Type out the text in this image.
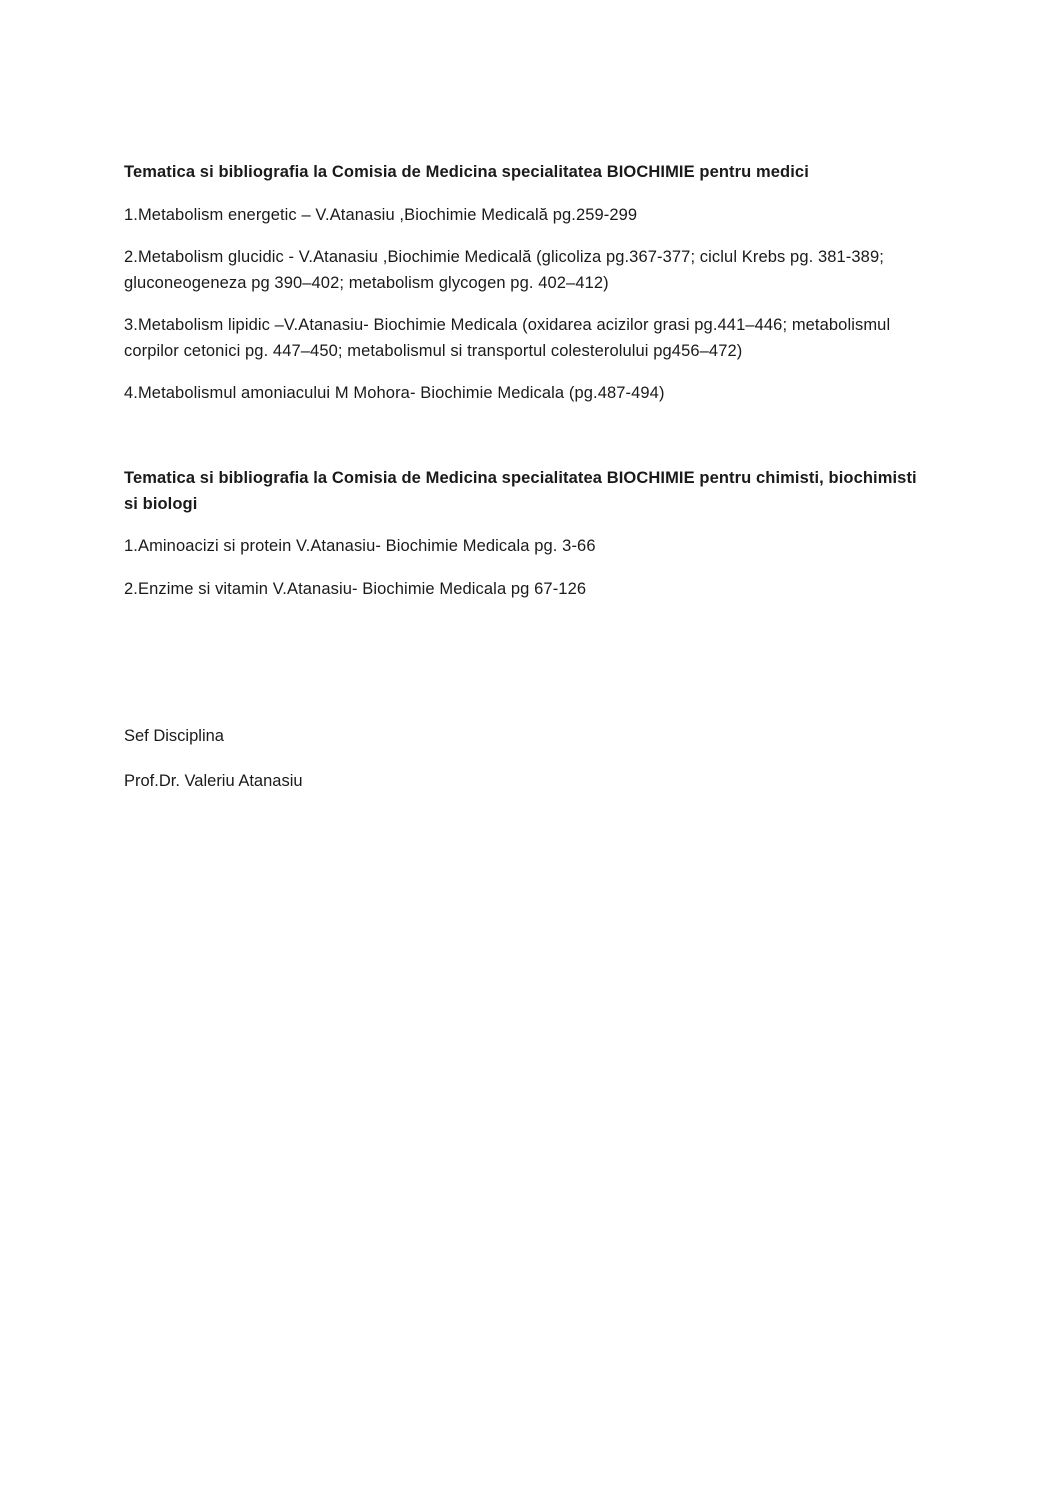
Tematica si bibliografia la Comisia de Medicina specialitatea BIOCHIMIE pentru medici

1.Metabolism energetic – V.Atanasiu ,Biochimie Medicală pg.259-299

2.Metabolism glucidic - V.Atanasiu ,Biochimie Medicală (glicoliza pg.367-377; ciclul Krebs pg. 381-389; gluconeogeneza pg 390–402; metabolism glycogen pg. 402–412)

3.Metabolism lipidic –V.Atanasiu- Biochimie Medicala (oxidarea acizilor grasi pg.441–446; metabolismul corpilor cetonici pg. 447–450; metabolismul si transportul colesterolului pg456–472)

4.Metabolismul amoniacului M Mohora- Biochimie Medicala (pg.487-494)

Tematica si bibliografia la Comisia de Medicina specialitatea BIOCHIMIE pentru chimisti, biochimisti si biologi

1.Aminoacizi si protein V.Atanasiu- Biochimie Medicala pg. 3-66

2.Enzime si vitamin V.Atanasiu- Biochimie Medicala pg 67-126

Sef Disciplina

Prof.Dr. Valeriu Atanasiu
